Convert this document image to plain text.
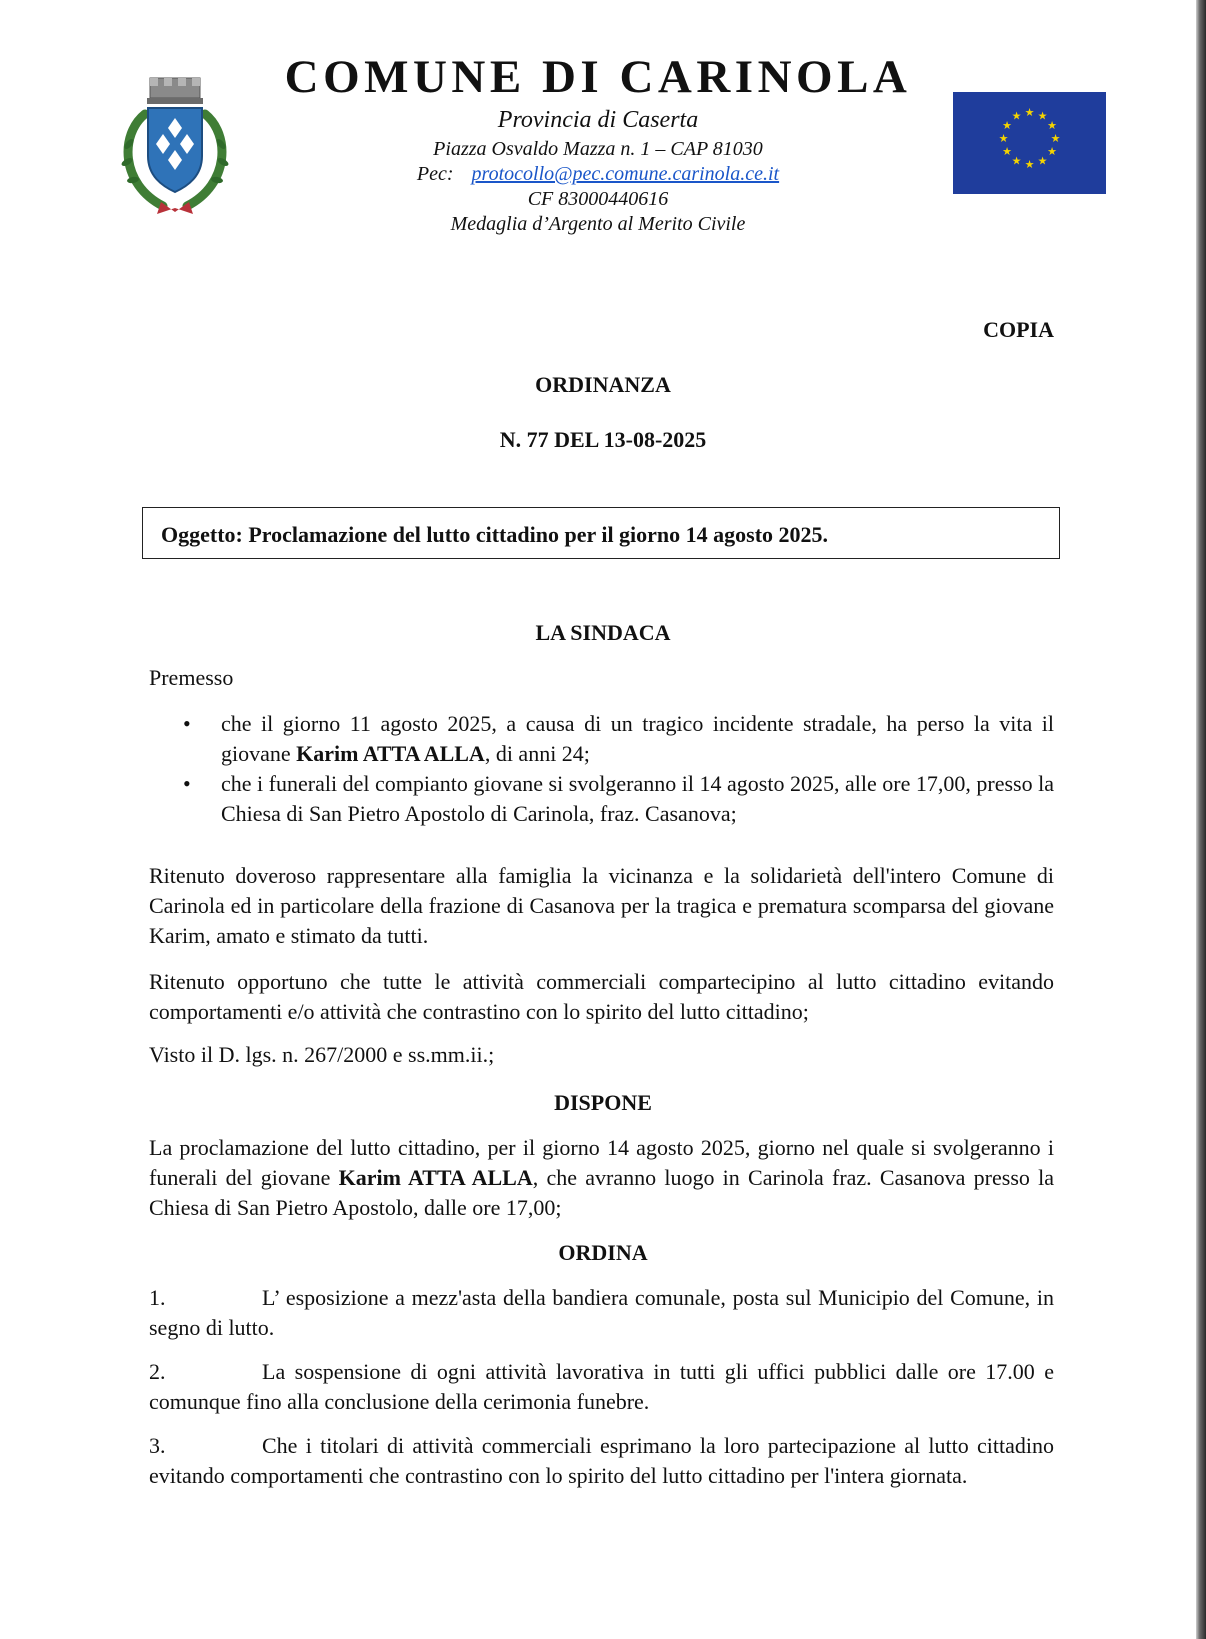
COMUNE DI CARINOLA

Provincia di Caserta

Piazza Osvaldo Mazza n. 1 – CAP 81030

Pec: protocollo@pec.comune.carinola.ce.it

CF 83000440616

Medaglia d’Argento al Merito Civile

★ ★
★
★
★
★
★
★
★
★
★
★

COPIA

ORDINANZA

N. 77 DEL 13-08-2025

Oggetto: Proclamazione del lutto cittadino per il giorno 14 agosto 2025.

LA SINDACA

Premesso

• che il giorno 11 agosto 2025, a causa di un tragico incidente stradale, ha perso la vita il giovane Karim ATTA ALLA, di anni 24;
• che i funerali del compianto giovane si svolgeranno il 14 agosto 2025, alle ore 17,00, presso la Chiesa di San Pietro Apostolo di Carinola, fraz. Casanova;

Ritenuto doveroso rappresentare alla famiglia la vicinanza e la solidarietà dell'intero Comune di Carinola ed in particolare della frazione di Casanova per la tragica e prematura scomparsa del giovane Karim, amato e stimato da tutti.

Ritenuto opportuno che tutte le attività commerciali compartecipino al lutto cittadino evitando comportamenti e/o attività che contrastino con lo spirito del lutto cittadino;

Visto il D. lgs. n. 267/2000 e ss.mm.ii.;

DISPONE

La proclamazione del lutto cittadino, per il giorno 14 agosto 2025, giorno nel quale si svolgeranno i funerali del giovane Karim ATTA ALLA, che avranno luogo in Carinola fraz. Casanova presso la Chiesa di San Pietro Apostolo, dalle ore 17,00;

ORDINA

1.	L’ esposizione a mezz'asta della bandiera comunale, posta sul Municipio del Comune, in segno di lutto.

2.	La sospensione di ogni attività lavorativa in tutti gli uffici pubblici dalle ore 17.00 e comunque fino alla conclusione della cerimonia funebre.

3.	Che i titolari di attività commerciali esprimano la loro partecipazione al lutto cittadino evitando comportamenti che contrastino con lo spirito del lutto cittadino per l'intera giornata.
